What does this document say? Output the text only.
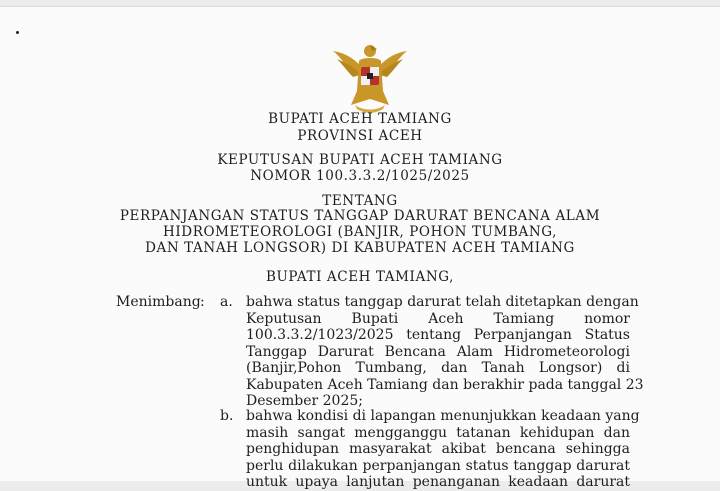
BUPATI ACEH TAMIANG
PROVINSI ACEH
KEPUTUSAN BUPATI ACEH TAMIANG
NOMOR 100.3.3.2/1025/2025
TENTANG
PERPANJANGAN STATUS TANGGAP DARURAT BENCANA ALAM
HIDROMETEOROLOGI (BANJIR, POHON TUMBANG,
DAN TANAH LONGSOR) DI KABUPATEN ACEH TAMIANG
BUPATI ACEH TAMIANG,
Menimbang : a. bahwa status tanggap darurat telah ditetapkan dengan
Keputusan Bupati Aceh Tamiang nomor
100.3.3.2/1023/2025 tentang Perpanjangan Status
Tanggap Darurat Bencana Alam Hidrometeorologi
(Banjir,Pohon Tumbang, dan Tanah Longsor) di
Kabupaten Aceh Tamiang dan berakhir pada tanggal 23
Desember 2025;
b. bahwa kondisi di lapangan menunjukkan keadaan yang
masih sangat mengganggu tatanan kehidupan dan
penghidupan masyarakat akibat bencana sehingga
perlu dilakukan perpanjangan status tanggap darurat
untuk upaya lanjutan penanganan keadaan darurat
